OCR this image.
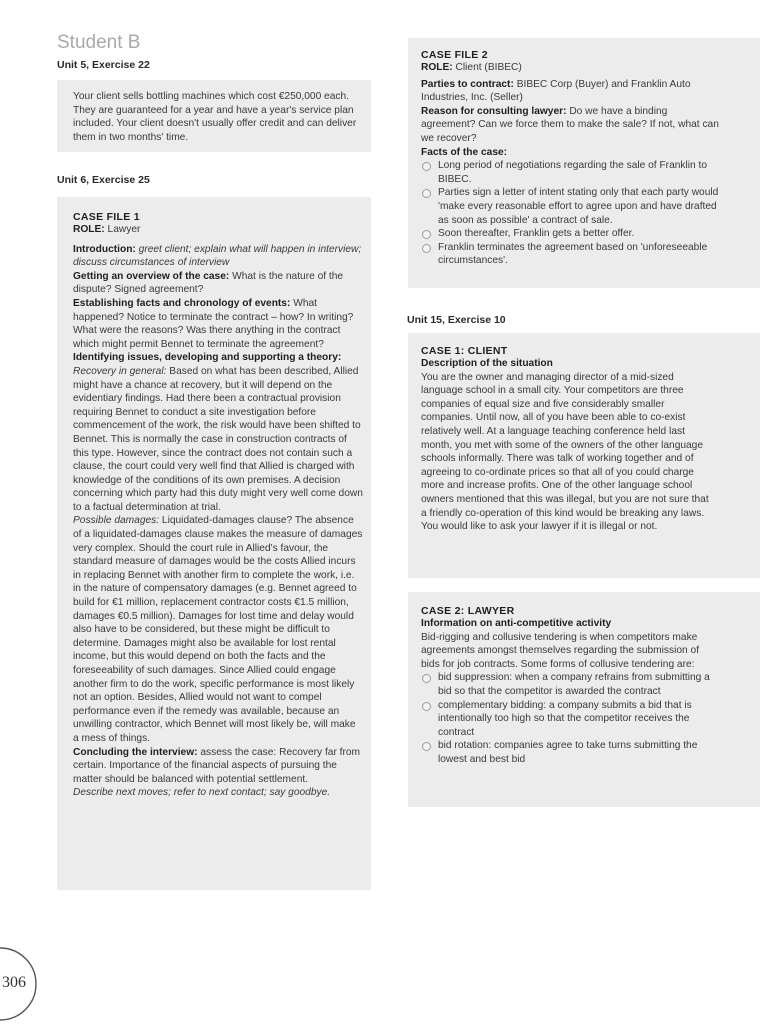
Student B
Unit 5, Exercise 22

Your client sells bottling machines which cost €250,000 each. They are guaranteed for a year and have a year's service plan included. Your client doesn't usually offer credit and can deliver them in two months' time.

Unit 6, Exercise 25
CASE FILE 1
ROLE: Lawyer

Introduction: greet client; explain what will happen in interview; discuss circumstances of interview

Getting an overview of the case: What is the nature of the dispute? Signed agreement?

Establishing facts and chronology of events: What happened? Notice to terminate the contract – how? In writing? What were the reasons? Was there anything in the contract which might permit Bennet to terminate the agreement?

Identifying issues, developing and supporting a theory: Recovery in general: Based on what has been described, Allied might have a chance at recovery, but it will depend on the evidentiary findings. Had there been a contractual provision requiring Bennet to conduct a site investigation before commencement of the work, the risk would have been shifted to Bennet. This is normally the case in construction contracts of this type. However, since the contract does not contain such a clause, the court could very well find that Allied is charged with knowledge of the conditions of its own premises. A decision concerning which party had this duty might very well come down to a factual determination at trial.

Possible damages: Liquidated-damages clause? The absence of a liquidated-damages clause makes the measure of damages very complex. Should the court rule in Allied's favour, the standard measure of damages would be the costs Allied incurs in replacing Bennet with another firm to complete the work, i.e. in the nature of compensatory damages (e.g. Bennet agreed to build for €1 million, replacement contractor costs €1.5 million, damages €0.5 million). Damages for lost time and delay would also have to be considered, but these might be difficult to determine. Damages might also be available for lost rental income, but this would depend on both the facts and the foreseeability of such damages. Since Allied could engage another firm to do the work, specific performance is most likely not an option. Besides, Allied would not want to compel performance even if the remedy was available, because an unwilling contractor, which Bennet will most likely be, will make a mess of things.

Concluding the interview: assess the case: Recovery far from certain. Importance of the financial aspects of pursuing the matter should be balanced with potential settlement.

Describe next moves; refer to next contact; say goodbye.

CASE FILE 2
ROLE: Client (BIBEC)

Parties to contract: BIBEC Corp (Buyer) and Franklin Auto Industries, Inc. (Seller)

Reason for consulting lawyer: Do we have a binding agreement? Can we force them to make the sale? If not, what can we recover?

Facts of the case:
Long period of negotiations regarding the sale of Franklin to BIBEC.
Parties sign a letter of intent stating only that each party would 'make every reasonable effort to agree upon and have drafted as soon as possible' a contract of sale.
Soon thereafter, Franklin gets a better offer.
Franklin terminates the agreement based on 'unforeseeable circumstances'.
Unit 15, Exercise 10
CASE 1: CLIENT
Description of the situation

You are the owner and managing director of a mid-sized language school in a small city. Your competitors are three companies of equal size and five considerably smaller companies. Until now, all of you have been able to co-exist relatively well. At a language teaching conference held last month, you met with some of the owners of the other language schools informally. There was talk of working together and of agreeing to co-ordinate prices so that all of you could charge more and increase profits. One of the other language school owners mentioned that this was illegal, but you are not sure that a friendly co-operation of this kind would be breaking any laws. You would like to ask your lawyer if it is illegal or not.

CASE 2: LAWYER
Information on anti-competitive activity

Bid-rigging and collusive tendering is when competitors make agreements amongst themselves regarding the submission of bids for job contracts. Some forms of collusive tendering are:

bid suppression: when a company refrains from submitting a bid so that the competitor is awarded the contract
complementary bidding: a company submits a bid that is intentionally too high so that the competitor receives the contract
bid rotation: companies agree to take turns submitting the lowest and best bid
306
